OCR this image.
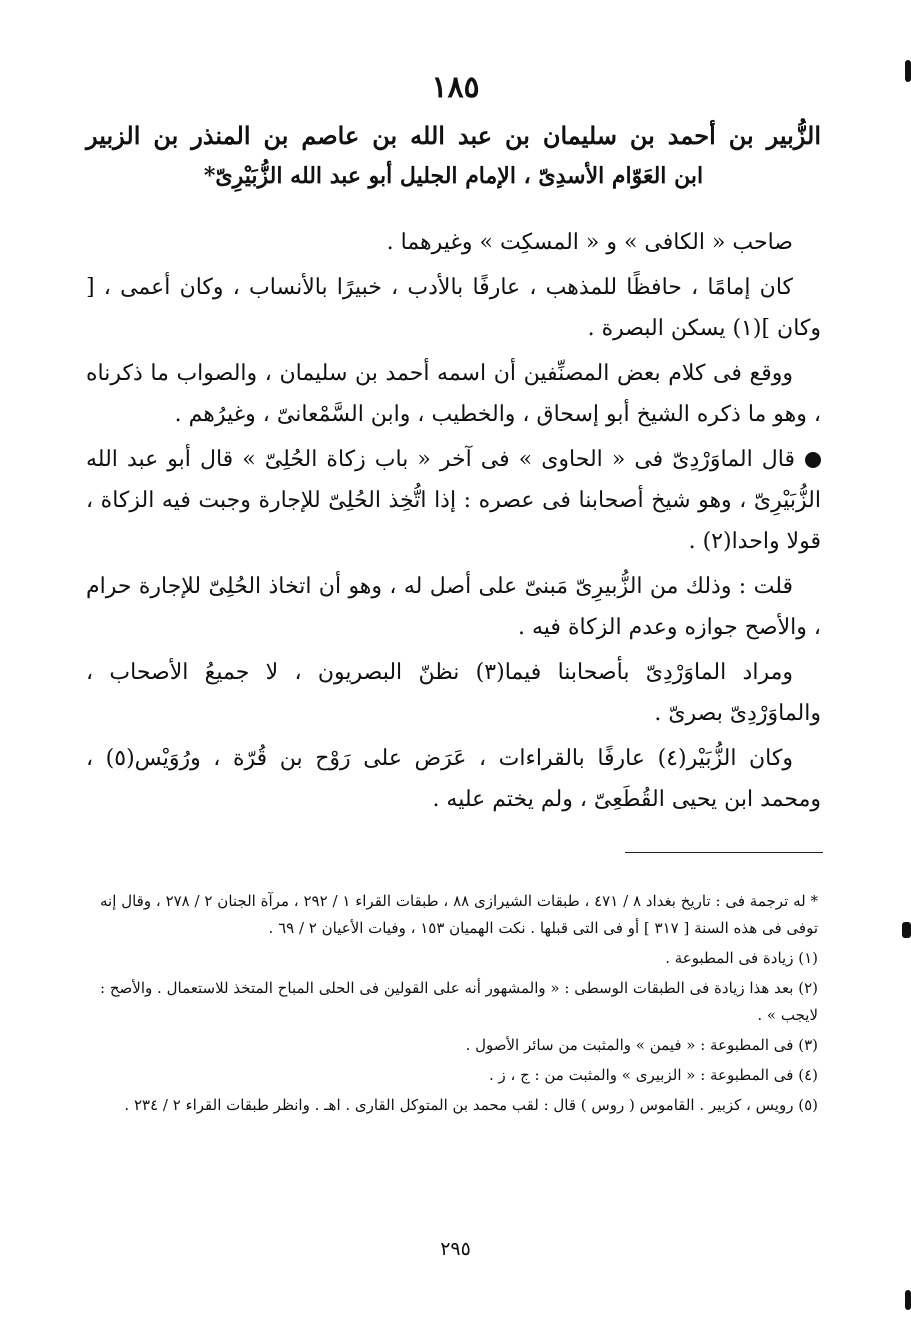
١٨٥
الزُّبير بن أحمد بن سليمان بن عبد الله بن عاصم بن المنذر بن الزبير
ابن العَوّام الأسدِىّ ، الإمام الجليل أبو عبد الله الزُّبَيْرِىّ*

صاحب « الكافى » و « المسكِت » وغيرهما .

كان إمامًا ، حافظًا للمذهب ، عارفًا بالأدب ، خبيرًا بالأنساب ، وكان أعمى ، [ وكان ](١) يسكن البصرة .

ووقع فى كلام بعض المصنِّفين أن اسمه أحمد بن سليمان ، والصواب ما ذكرناه ، وهو ما ذكره الشيخ أبو إسحاق ، والخطيب ، وابن السَّمْعانىّ ، وغيرُهم .

قال الماوَرْدِىّ فى « الحاوى » فى آخر « باب زكاة الحُلِىّ » قال أبو عبد الله الزُّبَيْرِىّ ، وهو شيخ أصحابنا فى عصره : إذا اتُّخِذ الحُلِىّ للإجارة وجبت فيه الزكاة ، قولا واحدا(٢) .

قلت : وذلك من الزُّبيرِىّ مَبنىّ على أصل له ، وهو أن اتخاذ الحُلِىّ للإجارة حرام ، والأصح جوازه وعدم الزكاة فيه .

ومراد الماوَرْدِىّ بأصحابنا فيما(٣) نظنّ البصريون ، لا جميعُ الأصحاب ، والماوَرْدِىّ بصرىّ .

وكان الزُّبَيْر(٤) عارفًا بالقراءات ، عَرَض على رَوْح بن قُرّة ، ورُوَيْس(٥) ، ومحمد ابن يحيى القُطَعِىّ ، ولم يختم عليه .

* له ترجمة فى : تاريخ بغداد ٨ / ٤٧١ ، طبقات الشيرازى ٨٨ ، طبقات القراء ١ / ٢٩٢ ، مرآة الجنان ٢ / ٢٧٨ ، وقال إنه توفى فى هذه السنة [ ٣١٧ ] أو فى التى قبلها . نكت الهميان ١٥٣ ، وفيات الأعيان ٢ / ٦٩ .

(١) زيادة فى المطبوعة .

(٢) بعد هذا زيادة فى الطبقات الوسطى : « والمشهور أنه على القولين فى الحلى المباح المتخذ للاستعمال . والأصح : لايجب » .

(٣) فى المطبوعة : « فيمن » والمثبت من سائر الأصول .

(٤) فى المطبوعة : « الزبيرى » والمثبت من : ج ، ز .

(٥) رويس ، كزبير . القاموس ( روس ) قال : لقب محمد بن المتوكل القارى . اهـ . وانظر طبقات القراء ٢ / ٢٣٤ .

٢٩٥
